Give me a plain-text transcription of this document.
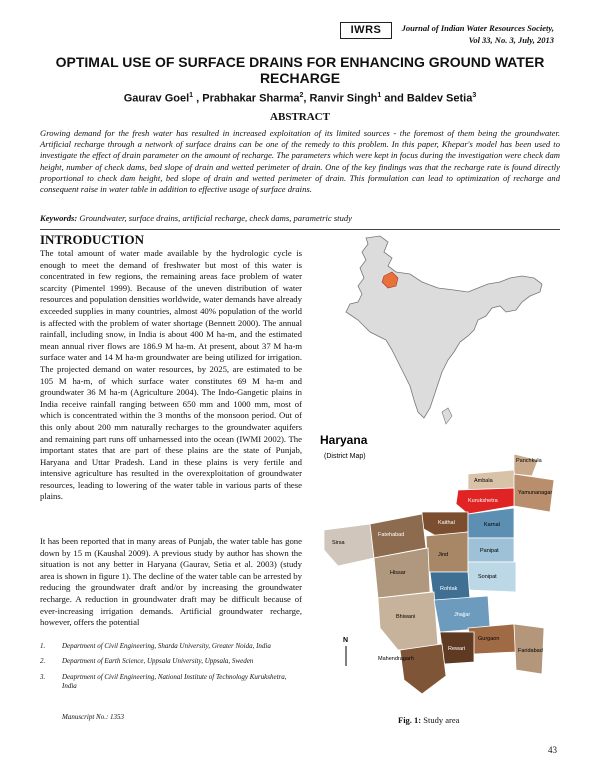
IWRS	Journal of Indian Water Resources Society,
Vol 33, No. 3, July, 2013
OPTIMAL USE OF SURFACE DRAINS FOR ENHANCING GROUND WATER
RECHARGE
Gaurav Goel$^1$ , Prabhakar Sharma$^2$, Ranvir Singh$^1$ and Baldev Setia$^3$
ABSTRACT
Growing demand for the fresh water has resulted in increased exploitation of its limited sources - the foremost of them being the groundwater. Artificial recharge through a network of surface drains can be one of the remedy to this problem. In this paper, Khepar's model has been used to investigate the effect of drain parameter on the amount of recharge. The parameters which were kept in focus during the investigation were check dam height, number of check dams, bed slope of drain and wetted perimeter of drain. One of the key findings was that the recharge rate is found directly proportional to check dam height, bed slope of drain and wetted perimeter of drain. This formulation can lead to optimization of recharge and consequent raise in water table in addition to effective usage of surface drains.
Keywords: Groundwater, surface drains, artificial recharge, check dams, parametric study
INTRODUCTION
The total amount of water made available by the hydrologic cycle is enough to meet the demand of freshwater but most of this water is concentrated in few regions, the remaining areas face problem of water scarcity (Pimentel 1999). Because of the uneven distribution of water resources and population densities worldwide, water demands have already exceeded supplies in many countries, almost 40% population of the world is affected with the problem of water shortage (Bennett 2000). The annual rainfall, including snow, in India is about 400 M ha-m, and the estimated mean annual river flows are 186.9 M ha-m. At present, about 37 M ha-m surface water and 14 M ha-m groundwater are being utilized for irrigation. The projected demand on water resources, by 2025, are estimated to be 105 M ha-m, of which surface water constitutes 69 M ha-m and groundwater 36 M ha-m (Agriculture 2004). The Indo-Gangetic plains in India receive rainfall ranging between 650 mm and 1000 mm, most of which is concentrated within the 3 months of the monsoon period. Out of this only about 200 mm naturally recharges to the groundwater aquifers and remaining part runs off unharnessed into the ocean (IWMI 2002). The important states that are part of these plains are the state of Punjab, Haryana and Uttar Pradesh. Land in these plains is very fertile and intensive agriculture has resulted in the overexploitation of groundwater resources, leading to lowering of the water table in various parts of these plains.
It has been reported that in many areas of Punjab, the water table has gone down by 15 m (Kaushal 2009). A previous study by author has shown the situation is not any better in Haryana (Gaurav, Setia et al. 2003) (study area is shown in figure 1). The decline of the water table can be arrested by reducing the groundwater draft and/or by increasing the groundwater recharge. A reduction in groundwater draft may be difficult because of ever-increasing irrigation demands. Artificial groundwater recharge, however, offers the potential
1. Department of Civil Engineering, Sharda University, Greater Noida, India
2. Department of Earth Science, Uppsala University, Uppsala, Sweden
3. Deaprtment of Civil Engineering, National Institute of Technology Kurukshetra, India
Manuscript No.: 1353
Haryana
(District Map)
N
Panchkula
Ambala
Yamunanagar
Kurukshetra
Kaithal	Karnal
Fatehabad
Sirsa
Jind
Panipat
Hissar
Sonipat
Rohtak
Bhiwani	Jhajjar
Gurgaon
Rewari
Mahendragarh
Faridabad
Fig. 1: Study area
43
